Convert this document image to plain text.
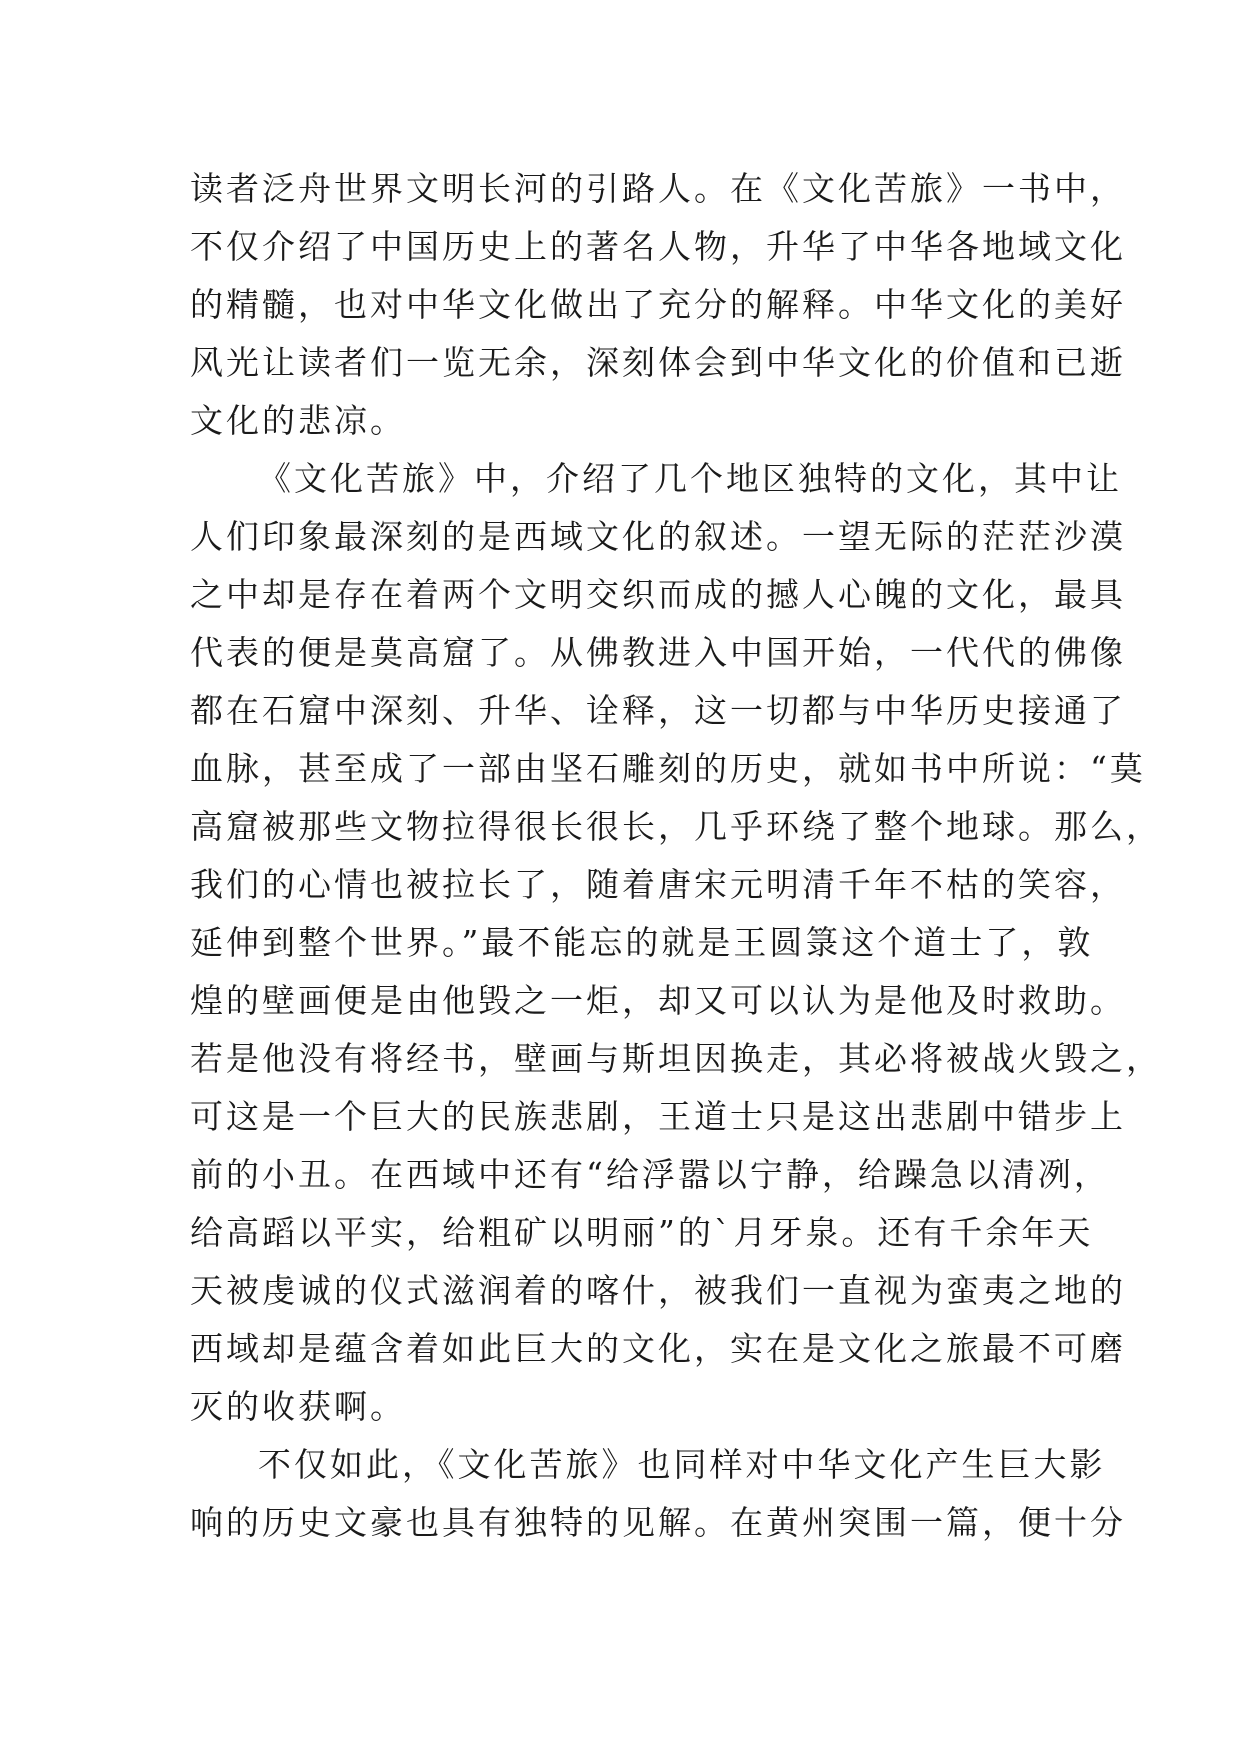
读者泛舟世界文明长河的引路人。在《文化苦旅》一书中，
不仅介绍了中国历史上的著名人物，升华了中华各地域文化
的精髓，也对中华文化做出了充分的解释。中华文化的美好
风光让读者们一览无余，深刻体会到中华文化的价值和已逝
文化的悲凉。
《文化苦旅》中，介绍了几个地区独特的文化，其中让
人们印象最深刻的是西域文化的叙述。一望无际的茫茫沙漠
之中却是存在着两个文明交织而成的撼人心魄的文化，最具
代表的便是莫高窟了。从佛教进入中国开始，一代代的佛像
都在石窟中深刻、升华、诠释，这一切都与中华历史接通了
血脉，甚至成了一部由坚石雕刻的历史，就如书中所说：“莫
高窟被那些文物拉得很长很长，几乎环绕了整个地球。那么，
我们的心情也被拉长了，随着唐宋元明清千年不枯的笑容，
延伸到整个世界。”最不能忘的就是王圆箓这个道士了，敦
煌的壁画便是由他毁之一炬，却又可以认为是他及时救助。
若是他没有将经书，壁画与斯坦因换走，其必将被战火毁之，
可这是一个巨大的民族悲剧，王道士只是这出悲剧中错步上
前的小丑。在西域中还有“给浮嚣以宁静，给躁急以清冽，
给高蹈以平实，给粗矿以明丽”的`月牙泉。还有千余年天
天被虔诚的仪式滋润着的喀什，被我们一直视为蛮夷之地的
西域却是蕴含着如此巨大的文化，实在是文化之旅最不可磨
灭的收获啊。
不仅如此，《文化苦旅》也同样对中华文化产生巨大影
响的历史文豪也具有独特的见解。在黄州突围一篇，便十分
